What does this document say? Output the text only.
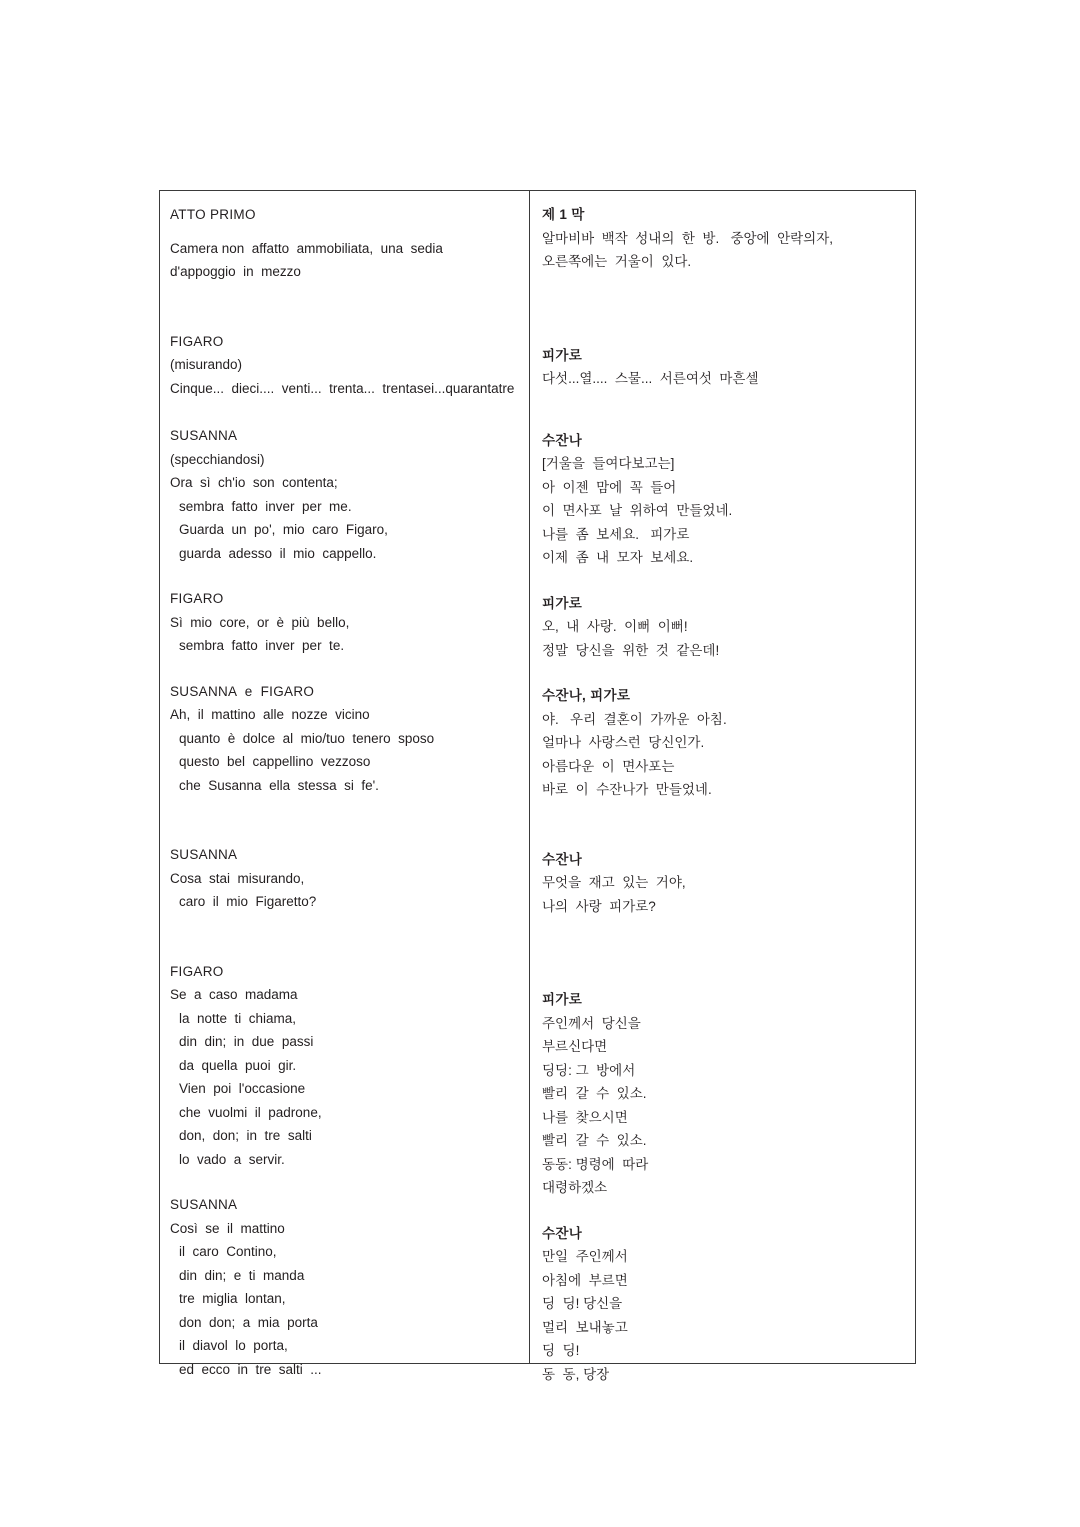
ATTO PRIMO
Camera non  affatto  ammobiliata,  una  sedia
d'appoggio  in  mezzo
FIGARO
(misurando)
Cinque...  dieci....  venti...  trenta...  trentasei...quarantatre
SUSANNA
(specchiandosi)
Ora  sì  ch'io  son  contenta;
sembra  fatto  inver  per  me.
Guarda  un  po',  mio  caro  Figaro,
guarda  adesso  il  mio  cappello.
FIGARO
Sì  mio  core,  or  è  più  bello,
sembra  fatto  inver  per  te.
SUSANNA  e  FIGARO
Ah,  il  mattino  alle  nozze  vicino
quanto  è  dolce  al  mio/tuo  tenero  sposo
questo  bel  cappellino  vezzoso
che  Susanna  ella  stessa  si  fe'.
SUSANNA
Cosa  stai  misurando,
caro  il  mio  Figaretto?
FIGARO
Se  a  caso  madama
la  notte  ti  chiama,
din  din;  in  due  passi
da  quella  puoi  gir.
Vien  poi  l'occasione
che  vuolmi  il  padrone,
don,  don;  in  tre  salti
lo  vado  a  servir.
SUSANNA
Così  se  il  mattino
il  caro  Contino,
din  din;  e  ti  manda
tre  miglia  lontan,
don  don;  a  mia  porta
il  diavol  lo  porta,
ed  ecco  in  tre  salti  ...
제 1 막
알마비바  백작  성내의  한  방.   중앙에  안락의자,
오른쪽에는  거울이  있다.
피가로
다섯...열....  스물...  서른여섯  마흔셀
수잔나
[거울을  들여다보고는]
아  이젠  맘에  꼭  들어
이  면사포  날  위하여  만들었네.
나를  좀  보세요.   피가로
이제  좀  내  모자  보세요.
피가로
오,  내  사랑.  이뻐  이뻐!
정말  당신을  위한  것  같은데!
수잔나, 피가로
야.   우리  결혼이  가까운  아침.
얼마나  사랑스런  당신인가.
아름다운  이  면사포는
바로  이  수잔나가  만들었네.
수잔나
무엇을  재고  있는  거야,
나의  사랑  피가로?
피가로
주인께서  당신을
부르신다면
딩딩: 그  방에서
빨리  갈  수  있소.
나를  찾으시면
빨리  갈  수  있소.
동동: 명령에  따라
대령하겠소
수잔나
만일  주인께서
아침에  부르면
딩  딩! 당신을
멀리  보내놓고
딩  딩!
동  동, 당장
